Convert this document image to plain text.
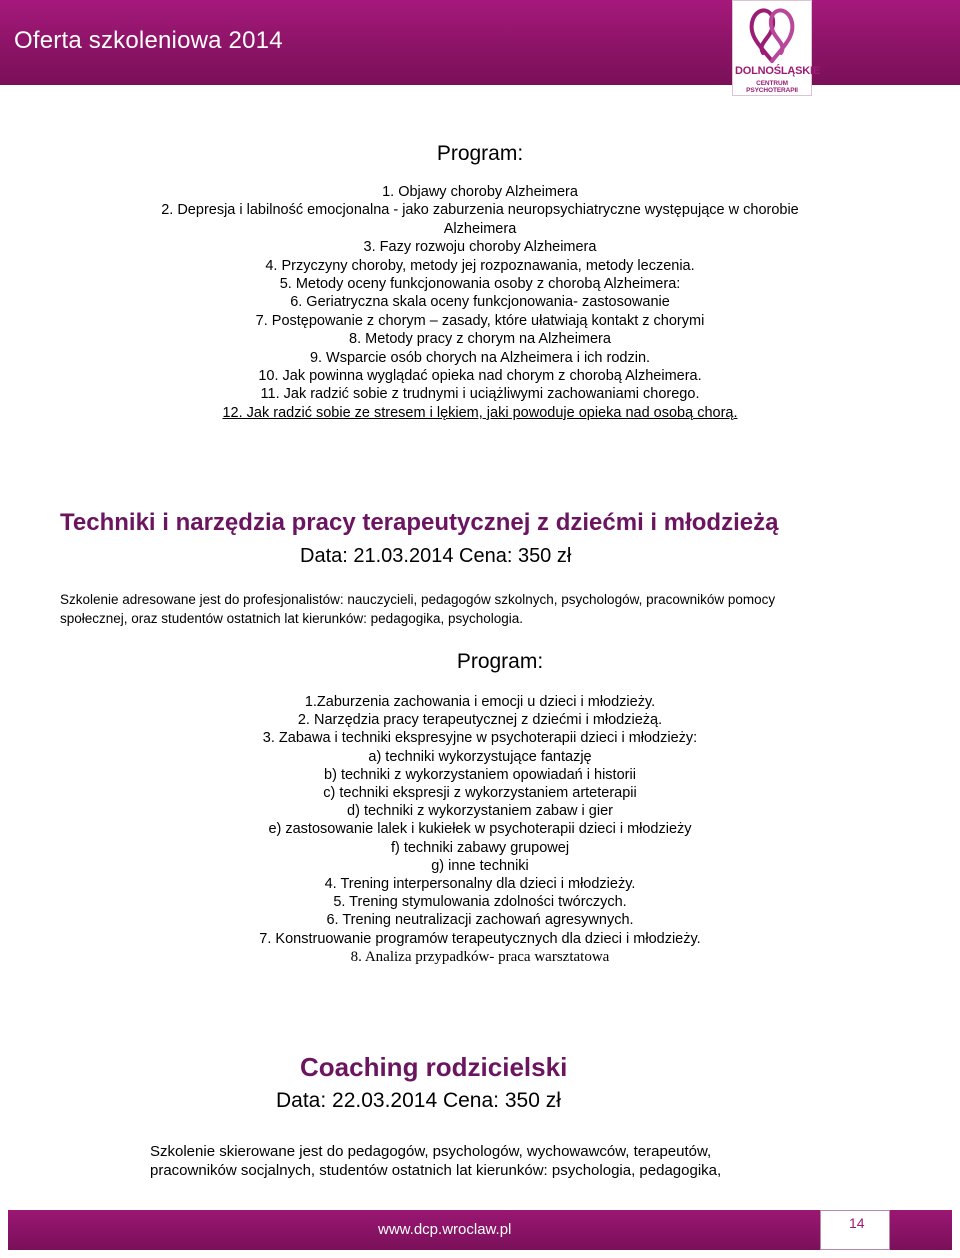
Oferta szkoleniowa 2014
DOLNOŚLĄSKIE
CENTRUM PSYCHOTERAPII
Program:
1. Objawy choroby Alzheimera
2. Depresja i labilność emocjonalna - jako zaburzenia neuropsychiatryczne występujące w chorobie
Alzheimera
3. Fazy rozwoju choroby Alzheimera
4. Przyczyny choroby, metody jej rozpoznawania, metody leczenia.
5. Metody oceny funkcjonowania osoby z chorobą Alzheimera:
6. Geriatryczna skala oceny funkcjonowania- zastosowanie
7. Postępowanie z chorym – zasady, które ułatwiają kontakt z chorymi
8. Metody pracy z chorym na Alzheimera
9. Wsparcie osób chorych na Alzheimera i ich rodzin.
10. Jak powinna wyglądać opieka nad chorym z chorobą Alzheimera.
11. Jak radzić sobie z trudnymi i uciążliwymi zachowaniami chorego.
12. Jak radzić sobie ze stresem i lękiem, jaki powoduje opieka nad osobą chorą.
Techniki i narzędzia pracy terapeutycznej z dziećmi i młodzieżą
Data: 21.03.2014 Cena: 350 zł
Szkolenie adresowane jest do profesjonalistów: nauczycieli, pedagogów szkolnych, psychologów, pracowników pomocy
społecznej, oraz studentów ostatnich lat kierunków: pedagogika, psychologia.
Program:
1.Zaburzenia zachowania i emocji u dzieci i młodzieży.
2. Narzędzia pracy terapeutycznej z dziećmi i młodzieżą.
3. Zabawa i techniki ekspresyjne w psychoterapii dzieci i młodzieży:
a) techniki wykorzystujące fantazję
b) techniki z wykorzystaniem opowiadań i historii
c) techniki ekspresji z wykorzystaniem arteterapii
d) techniki z wykorzystaniem zabaw i gier
e) zastosowanie lalek i kukiełek w psychoterapii dzieci i młodzieży
f) techniki zabawy grupowej
g) inne techniki
4. Trening interpersonalny dla dzieci i młodzieży.
5. Trening stymulowania zdolności twórczych.
6. Trening neutralizacji zachowań agresywnych.
7. Konstruowanie programów terapeutycznych dla dzieci i młodzieży.
8. Analiza przypadków- praca warsztatowa
Coaching rodzicielski
Data: 22.03.2014 Cena: 350 zł
Szkolenie skierowane jest do pedagogów, psychologów, wychowawców, terapeutów,
pracowników socjalnych, studentów ostatnich lat kierunków: psychologia, pedagogika,
www.dcp.wroclaw.pl	14
